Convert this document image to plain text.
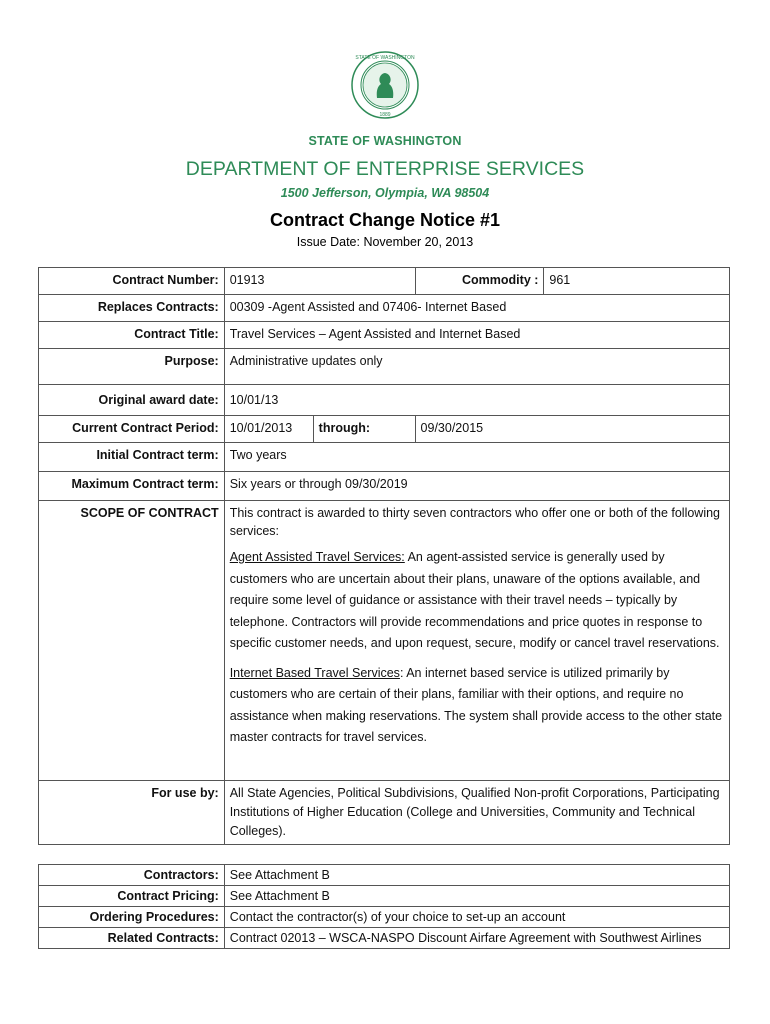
STATE OF WASHINGTON
1889
STATE OF WASHINGTON
DEPARTMENT OF ENTERPRISE SERVICES
1500 Jefferson, Olympia, WA 98504
Contract Change Notice #1
Issue Date: November 20, 2013
Contract Number:	01913		Commodity :	961
Replaces Contracts:	00309 -Agent Assisted and 07406- Internet Based			
Contract Title:	Travel Services – Agent Assisted and Internet Based			
Purpose:	Administrative updates only			
Original award date:	10/01/13			
Current Contract Period:	10/01/2013	through:	09/30/2015	
Initial Contract term:	Two years			
Maximum Contract term:	Six years or through 09/30/2019			
SCOPE OF CONTRACT	This contract is awarded to thirty seven contractors who offer one or both of the following services:

Agent Assisted Travel Services: An agent-assisted service is generally used by customers who are uncertain about their plans, unaware of the options available, and require some level of guidance or assistance with their travel needs – typically by telephone. Contractors will provide recommendations and price quotes in response to specific customer needs, and upon request, secure, modify or cancel travel reservations.

Internet Based Travel Services: An internet based service is utilized primarily by customers who are certain of their plans, familiar with their options, and require no assistance when making reservations. The system shall provide access to the other state master contracts for travel services.			

For use by:	All State Agencies, Political Subdivisions, Qualified Non-profit Corporations, Participating Institutions of Higher Education (College and Universities, Community and Technical Colleges).			
Contractors:	See Attachment B
Contract Pricing:	See Attachment B
Ordering Procedures:	Contact the contractor(s) of your choice to set-up an account
Related Contracts:	Contract 02013 – WSCA-NASPO Discount Airfare Agreement with Southwest Airlines
